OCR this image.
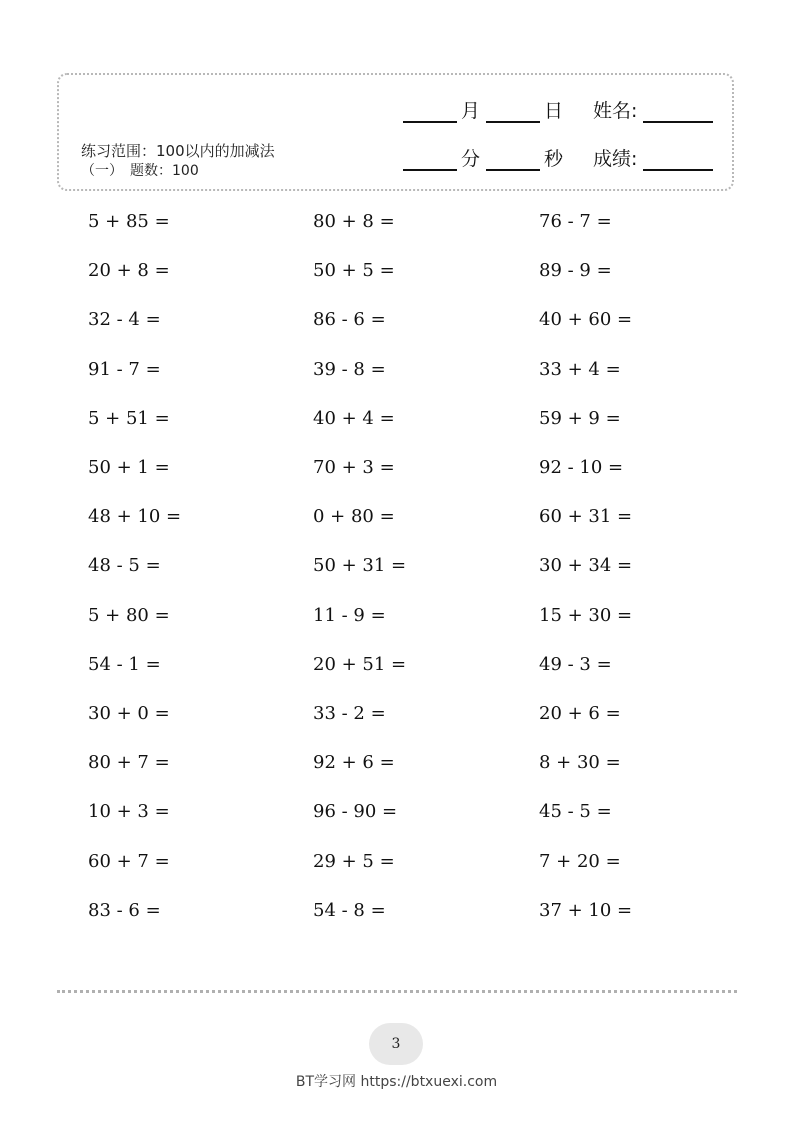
练习范围：100以内的加减法
（一）　题数：100
月	日 姓名:
分	秒 成绩:
5 + 85 =	80 + 8 =	76 - 7 =
20 + 8 =	50 + 5 =	89 - 9 =
32 - 4 =	86 - 6 =	40 + 60 =
91 - 7 =	39 - 8 =	33 + 4 =
5 + 51 =	40 + 4 =	59 + 9 =
50 + 1 =	70 + 3 =	92 - 10 =
48 + 10 =	0 + 80 =	60 + 31 =
48 - 5 =	50 + 31 =	30 + 34 =
5 + 80 =	11 - 9 =	15 + 30 =
54 - 1 =	20 + 51 =	49 - 3 =
30 + 0 =	33 - 2 =	20 + 6 =
80 + 7 =	92 + 6 =	8 + 30 =
10 + 3 =	96 - 90 =	45 - 5 =
60 + 7 =	29 + 5 =	7 + 20 =
83 - 6 =	54 - 8 =	37 + 10 =
3
BT学习网 https://btxuexi.com
